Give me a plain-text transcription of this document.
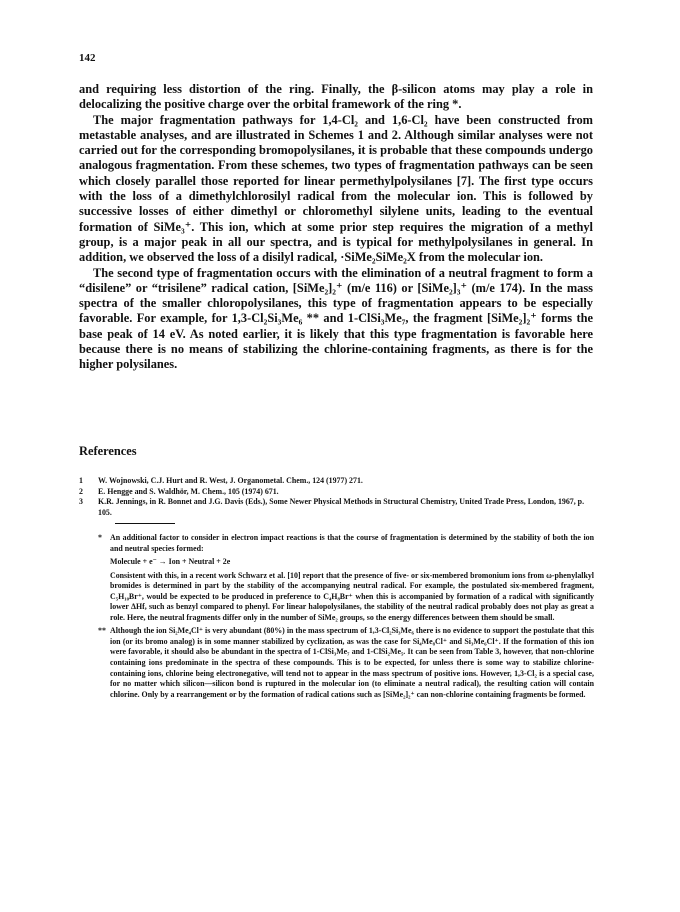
142

and requiring less distortion of the ring. Finally, the β-silicon atoms may play a role in delocalizing the positive charge over the orbital framework of the ring *.

The major fragmentation pathways for 1,4-Cl₂ and 1,6-Cl₂ have been constructed from metastable analyses, and are illustrated in Schemes 1 and 2. Although similar analyses were not carried out for the corresponding bromopolysilanes, it is probable that these compounds undergo analogous fragmentation. From these schemes, two types of fragmentation pathways can be seen which closely parallel those reported for linear permethylpolysilanes [7]. The first type occurs with the loss of a dimethylchlorosilyl radical from the molecular ion. This is followed by successive losses of either dimethyl or chloromethyl silylene units, leading to the eventual formation of SiMe₃⁺. This ion, which at some prior step requires the migration of a methyl group, is a major peak in all our spectra, and is typical for methylpolysilanes in general. In addition, we observed the loss of a disilyl radical, ·SiMe₂SiMe₂X from the molecular ion.

The second type of fragmentation occurs with the elimination of a neutral fragment to form a “disilene” or “trisilene” radical cation, [SiMe₂]₂⁺ (m/e 116) or [SiMe₂]₃⁺ (m/e 174). In the mass spectra of the smaller chloropolysilanes, this type of fragmentation appears to be especially favorable. For example, for 1,3-Cl₂Si₃Me₆ ** and 1-ClSi₃Me₇, the fragment [SiMe₂]₂⁺ forms the base peak of 14 eV. As noted earlier, it is likely that this type fragmentation is favorable here because there is no means of stabilizing the chlorine-containing fragments, as there is for the higher polysilanes.

References
1 W. Wojnowski, C.J. Hurt and R. West, J. Organometal. Chem., 124 (1977) 271.
2 E. Hengge and S. Waldhör, M. Chem., 105 (1974) 671.
3 K.R. Jennings, in R. Bonnet and J.G. Davis (Eds.), Some Newer Physical Methods in Structural Chemistry, United Trade Press, London, 1967, p. 105.
* An additional factor to consider in electron impact reactions is that the course of fragmentation is determined by the stability of both the ion and neutral species formed:

Molecule + e⁻ → Ion + Neutral + 2e

Consistent with this, in a recent work Schwarz et al. [10] report that the presence of five- or six-membered bromonium ions from ω-phenylalkyl bromides is determined in part by the stability of the accompanying neutral radical. For example, the postulated six-membered fragment, C₅H₁₀Br⁺, would be expected to be produced in preference to C₄H₈Br⁺ when this is accompanied by formation of a radical with significantly lower ΔHf, such as benzyl compared to phenyl. For linear halopolysilanes, the stability of the neutral radical probably does not play as great a role. Here, the neutral fragments differ only in the number of SiMe₂ groups, so the energy differences between them should be small.

** Although the ion Si₂Me₄Cl⁺ is very abundant (80%) in the mass spectrum of 1,3-Cl₂Si₃Me₆ there is no evidence to support the postulate that this ion (or its bromo analog) is in some manner stabilized by cyclization, as was the case for Si₄Me₈Cl⁺ and Si₃Me₆Cl⁺. If the formation of this ion were favorable, it should also be abundant in the spectra of 1-ClSi₃Me₇ and 1-ClSi₂Me₅. It can be seen from Table 3, however, that non-chlorine containing ions predominate in the spectra of these compounds. This is to be expected, for unless there is some way to stabilize chlorine-containing ions, chlorine being electronegative, will tend not to appear in the mass spectrum of positive ions. However, 1,3-Cl₂ is a special case, for no matter which silicon—silicon bond is ruptured in the molecular ion (to eliminate a neutral radical), the resulting cation will contain chlorine. Only by a rearrangement or by the formation of radical cations such as [SiMe₂]₂⁺ can non-chlorine containing fragments be formed.
